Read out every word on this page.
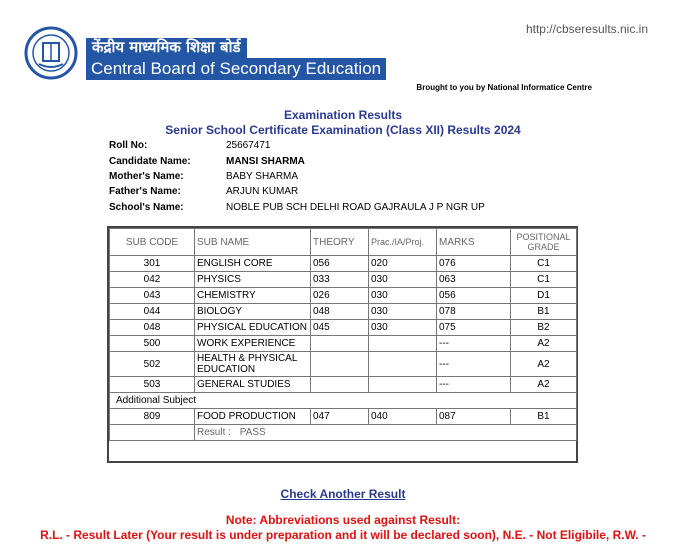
केंद्रीय माध्यमिक शिक्षा बोर्ड
Central Board of Secondary Education
http://cbseresults.nic.in
Brought to you by National Informatice Centre
Examination Results
Senior School Certificate Examination (Class XII) Results 2024
Roll No:	25667471
Candidate Name:	MANSI SHARMA
Mother's Name:	BABY SHARMA
Father's Name:	ARJUN KUMAR
School's Name:	NOBLE PUB SCH DELHI ROAD GAJRAULA J P NGR UP
SUB CODE	SUB NAME	THEORY	Prac./IA/Proj.	MARKS	POSITIONAL GRADE
301	ENGLISH CORE	056	020	076	C1
042	PHYSICS	033	030	063	C1
043	CHEMISTRY	026	030	056	D1
044	BIOLOGY	048	030	078	B1
048	PHYSICAL EDUCATION	045	030	075	B2
500	WORK EXPERIENCE			---	A2
502	HEALTH & PHYSICAL EDUCATION			---	A2
503	GENERAL STUDIES			---	A2
Additional Subject					
809	FOOD PRODUCTION	047	040	087	B1
	Result : PASS				
Check Another Result
Note: Abbreviations used against Result:
R.L. - Result Later (Your result is under preparation and it will be declared soon), N.E. - Not Eligibile, R.W. -
